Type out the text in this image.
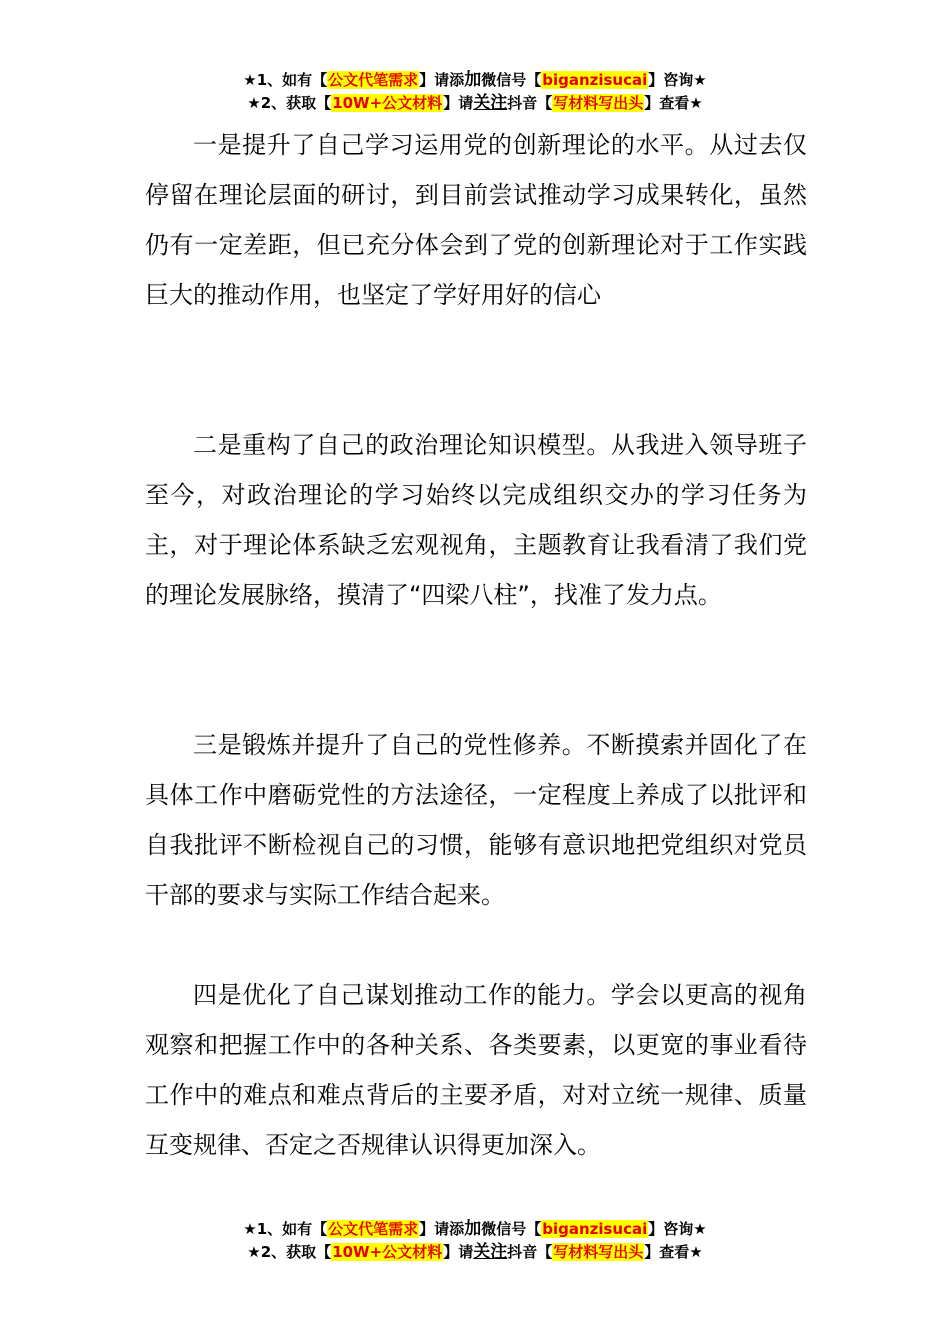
★1、如有【公文代笔需求】请添加微信号【biganzisucai】咨询★
★2、获取【10W+公文材料】请关注抖音【写材料写出头】查看★

一是提升了自己学习运用党的创新理论的水平。从过去仅停留在理论层面的研讨，到目前尝试推动学习成果转化，虽然仍有一定差距，但已充分体会到了党的创新理论对于工作实践巨大的推动作用，也坚定了学好用好的信心

二是重构了自己的政治理论知识模型。从我进入领导班子至今，对政治理论的学习始终以完成组织交办的学习任务为主，对于理论体系缺乏宏观视角，主题教育让我看清了我们党的理论发展脉络，摸清了“四梁八柱”，找准了发力点。

三是锻炼并提升了自己的党性修养。不断摸索并固化了在具体工作中磨砺党性的方法途径，一定程度上养成了以批评和自我批评不断检视自己的习惯，能够有意识地把党组织对党员干部的要求与实际工作结合起来。

四是优化了自己谋划推动工作的能力。学会以更高的视角观察和把握工作中的各种关系、各类要素，以更宽的事业看待工作中的难点和难点背后的主要矛盾，对对立统一规律、质量互变规律、否定之否规律认识得更加深入。

★1、如有【公文代笔需求】请添加微信号【biganzisucai】咨询★
★2、获取【10W+公文材料】请关注抖音【写材料写出头】查看★
